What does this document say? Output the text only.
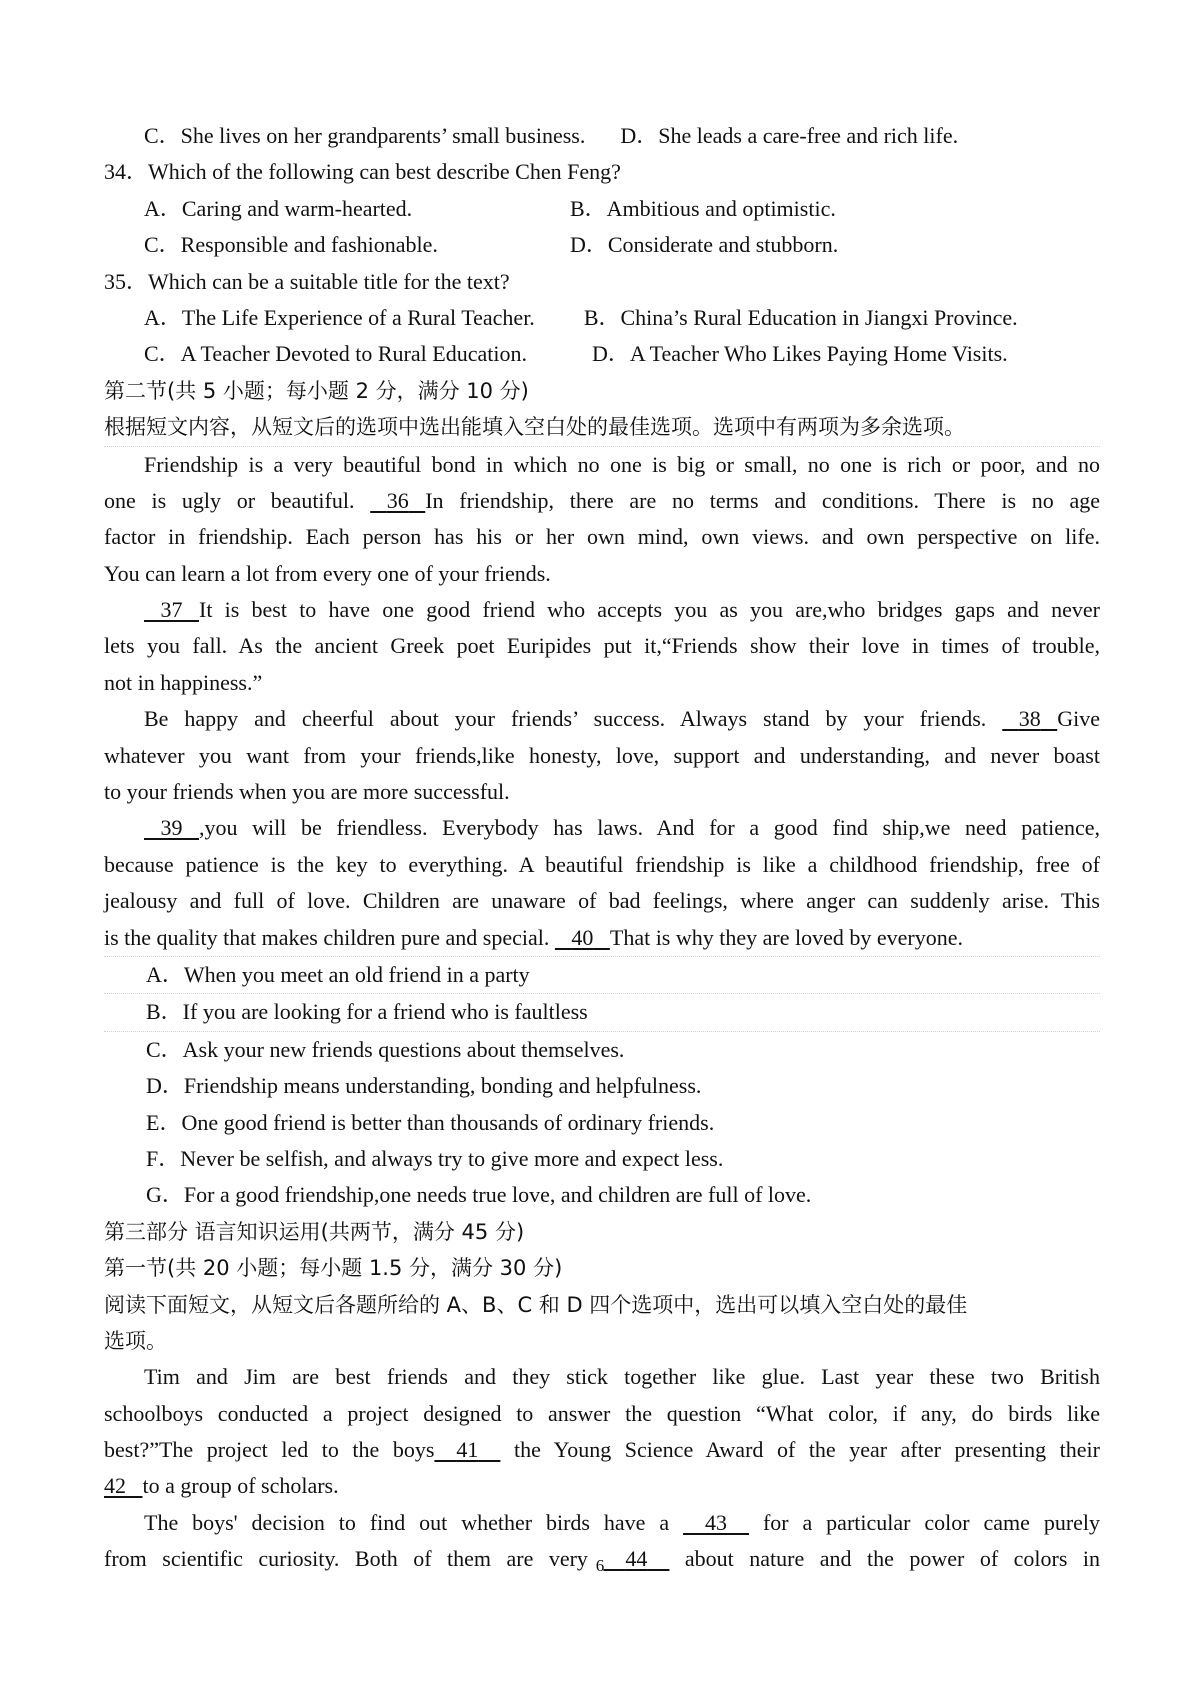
C．She lives on her grandparents’ small business. D．She leads a care-free and rich life.
34．Which of the following can best describe Chen Feng?
A．Caring and warm-hearted.	B．Ambitious and optimistic.
C．Responsible and fashionable.	D．Considerate and stubborn.
35．Which can be a suitable title for the text?
A．The Life Experience of a Rural Teacher. B．China’s Rural Education in Jiangxi Province.
C．A Teacher Devoted to Rural Education.	D．A Teacher Who Likes Paying Home Visits.
第二节(共 5 小题；每小题 2 分，满分 10 分)
根据短文内容，从短文后的选项中选出能填入空白处的最佳选项。选项中有两项为多余选项。
Friendship is a very beautiful bond in which no one is big or small, no one is rich or poor, and no
one is ugly or beautiful. 36 In friendship, there are no terms and conditions. There is no age
factor in friendship. Each person has his or her own mind, own views. and own perspective on life.
You can learn a lot from every one of your friends.
37 It is best to have one good friend who accepts you as you are,who bridges gaps and never
lets you fall. As the ancient Greek poet Euripides put it,“Friends show their love in times of trouble,
not in happiness.”
Be happy and cheerful about your friends’ success. Always stand by your friends. 38 Give
whatever you want from your friends,like honesty, love, support and understanding, and never boast
to your friends when you are more successful.
39 ,you will be friendless. Everybody has laws. And for a good find ship,we need patience,
because patience is the key to everything. A beautiful friendship is like a childhood friendship, free of
jealousy and full of love. Children are unaware of bad feelings, where anger can suddenly arise. This
is the quality that makes children pure and special. 40 That is why they are loved by everyone.
A．When you meet an old friend in a party
B．If you are looking for a friend who is faultless
C．Ask your new friends questions about themselves.
D．Friendship means understanding, bonding and helpfulness.
E．One good friend is better than thousands of ordinary friends.
F．Never be selfish, and always try to give more and expect less.
G．For a good friendship,one needs true love, and children are full of love.
第三部分 语言知识运用(共两节，满分 45 分)
第一节(共 20 小题；每小题 1.5 分，满分 30 分)
阅读下面短文，从短文后各题所给的 A、B、C 和 D 四个选项中，选出可以填入空白处的最佳
选项。
Tim and Jim are best friends and they stick together like glue. Last year these two British
schoolboys conducted a project designed to answer the question “What color, if any, do birds like
best?”The project led to the boys 41 the Young Science Award of the year after presenting their
42 to a group of scholars.
The boys' decision to find out whether birds have a 43 for a particular color came purely
from scientific curiosity. Both of them are very 44 about nature and the power of colors in
6
